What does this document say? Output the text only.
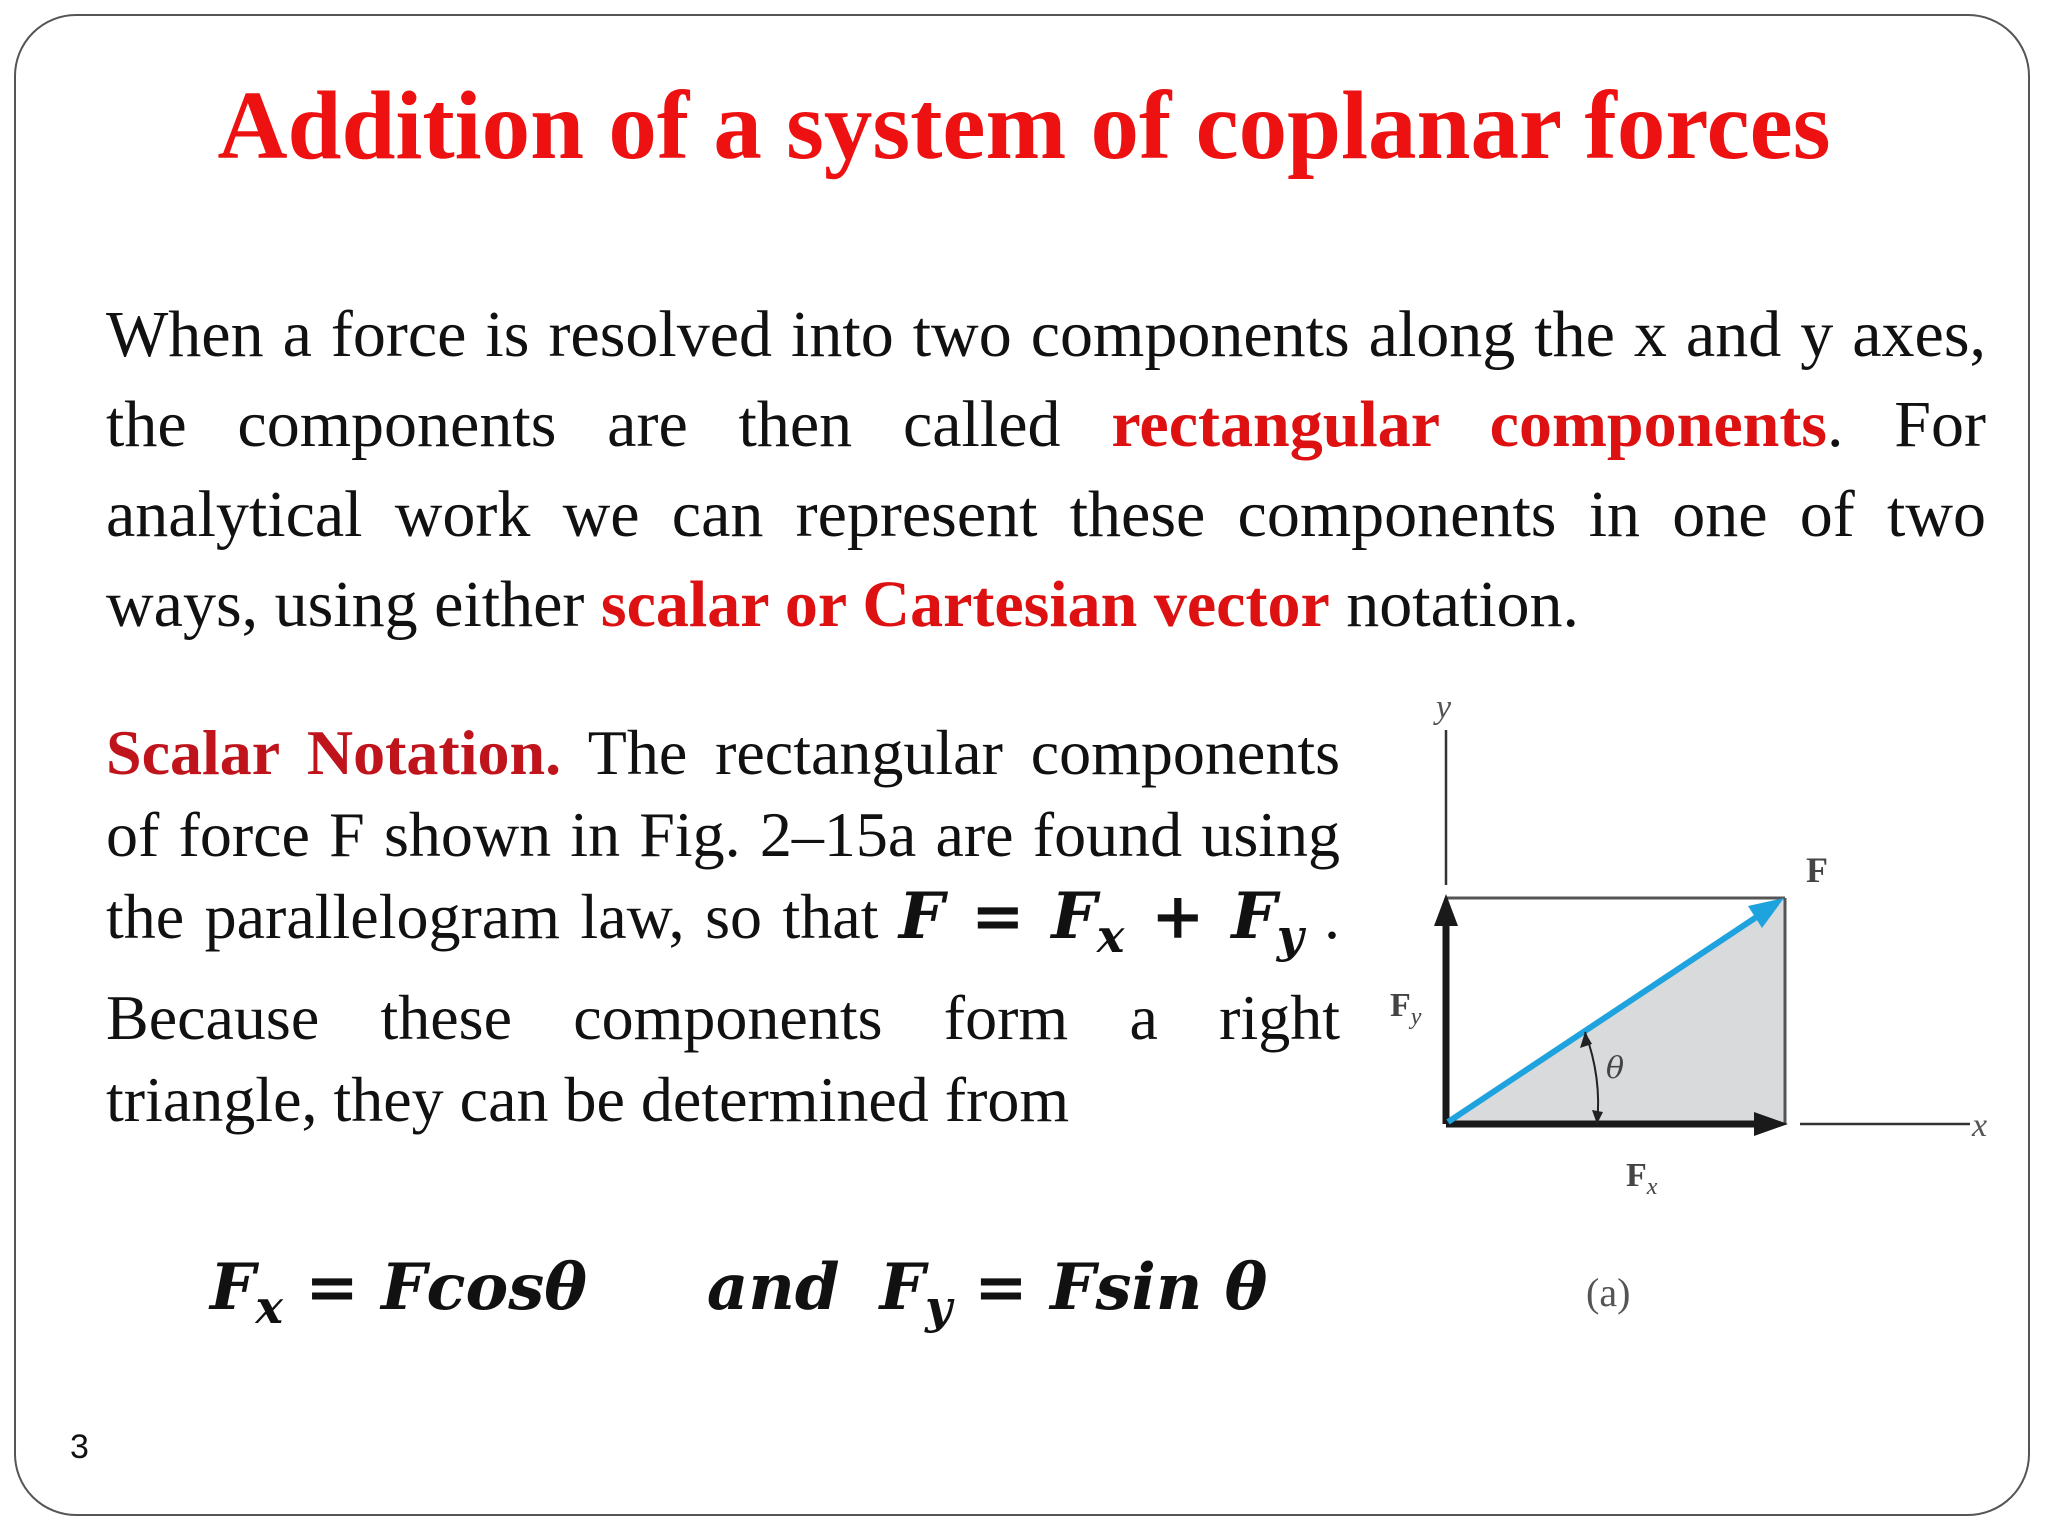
Addition of a system of coplanar forces
When a force is resolved into two components along the x and y axes, the components are then called rectangular components. For analytical work we can represent these components in one of two ways, using either scalar or Cartesian vector notation.
Scalar Notation. The rectangular components of force F shown in Fig. 2–15a are found using the parallelogram law, so that $F = F_x + F_y$ . Because these components form a right triangle, they can be determined from
$F_x = Fcos\theta$ and $F_y = Fsin$ θ
y
x
F
$F_y$
$F_x$
θ
(a)
3
